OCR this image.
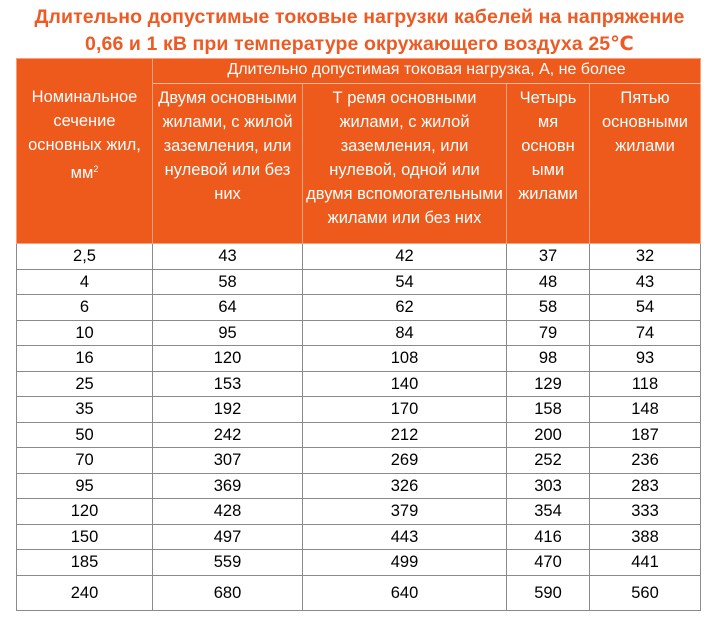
Длительно допустимые токовые нагрузки кабелей на напряжение
0,66 и 1 кВ при температуре окружающего воздуха 25℃
Номинальное сечение основных жил, $мм^2$	Длительно допустимая токовая нагрузка, А, не более			
	Двумя основными жилами, с жилой заземления, или нулевой или без них	Т ремя основными жилами, с жилой заземления, или нулевой, одной или двумя вспомогательными жилами или без них	Четырь мя основн ыми жилами	Пятью основными жилами
2,5	43	42	37	32
4	58	54	48	43
6	64	62	58	54
10	95	84	79	74
16	120	108	98	93
25	153	140	129	118
35	192	170	158	148
50	242	212	200	187
70	307	269	252	236
95	369	326	303	283
120	428	379	354	333
150	497	443	416	388
185	559	499	470	441
240	680	640	590	560
